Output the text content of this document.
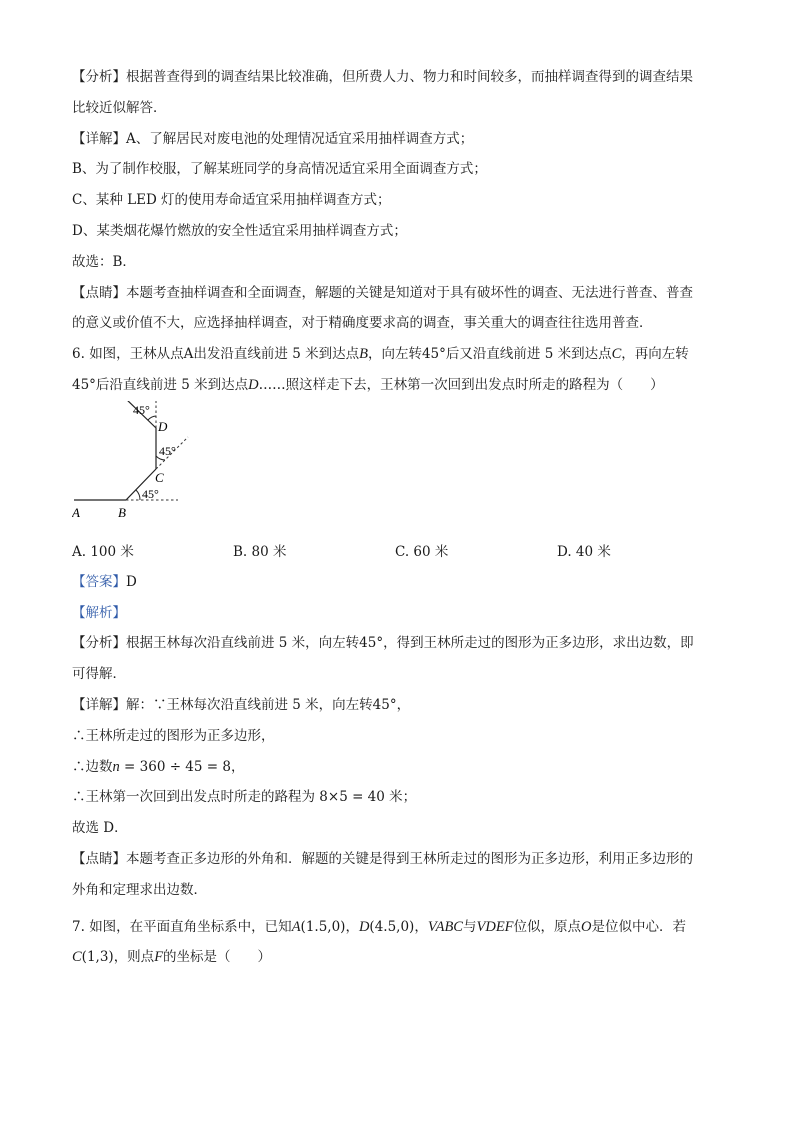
【分析】根据普查得到的调查结果比较准确，但所费人力、物力和时间较多，而抽样调查得到的调查结果
比较近似解答．
【详解】A、了解居民对废电池的处理情况适宜采用抽样调查方式；
B、为了制作校服，了解某班同学的身高情况适宜采用全面调查方式；
C、某种 LED 灯的使用寿命适宜采用抽样调查方式；
D、某类烟花爆竹燃放的安全性适宜采用抽样调查方式；
故选：B．
【点睛】本题考查抽样调查和全面调查，解题的关键是知道对于具有破坏性的调查、无法进行普查、普查
的意义或价值不大，应选择抽样调查，对于精确度要求高的调查，事关重大的调查往往选用普查．
6. 如图，王林从点A出发沿直线前进 5 米到达点B，向左转45°后又沿直线前进 5 米到达点C，再向左转
45°后沿直线前进 5 米到达点D……照这样走下去，王林第一次回到出发点时所走的路程为（　　）
45°
45°
45°
A	B
C
D
A. 100 米	B. 80 米	C. 60 米	D. 40 米
【答案】D
【解析】
【分析】根据王林每次沿直线前进 5 米，向左转45°，得到王林所走过的图形为正多边形，求出边数，即
可得解．
【详解】解：∵王林每次沿直线前进 5 米，向左转45°，
∴王林所走过的图形为正多边形，
∴边数n = 360 ÷ 45 = 8，
∴王林第一次回到出发点时所走的路程为 8×5 = 40 米；
故选 D．
【点睛】本题考查正多边形的外角和．解题的关键是得到王林所走过的图形为正多边形，利用正多边形的
外角和定理求出边数．
7. 如图，在平面直角坐标系中，已知A(1.5,0)，D(4.5,0)，VABC与VDEF位似，原点O是位似中心．若
C(1,3)，则点F的坐标是（　　）
